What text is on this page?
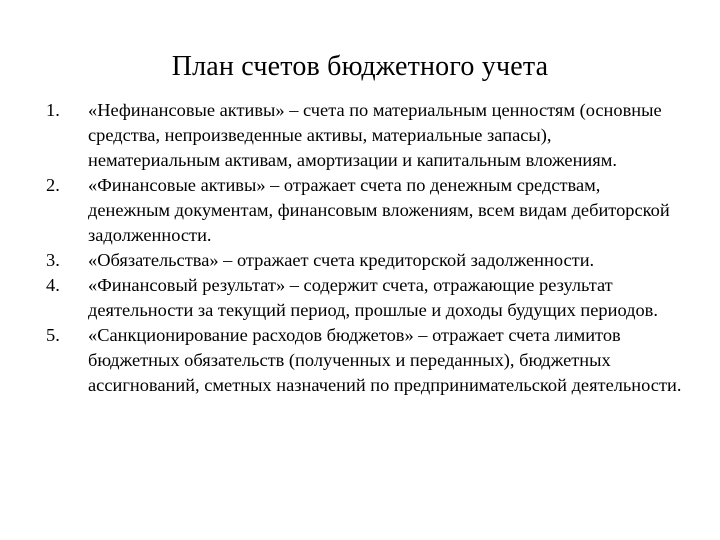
План счетов бюджетного учета
1.	«Нефинансовые активы» – счета по материальным ценностям (основные средства, непроизведенные активы, материальные запасы), нематериальным активам, амортизации и капитальным вложениям.
2.	«Финансовые активы» – отражает счета по денежным средствам, денежным документам, финансовым вложениям, всем видам дебиторской задолженности.
3.	«Обязательства» – отражает счета кредиторской задолженности.
4.	«Финансовый результат» – содержит счета, отражающие результат деятельности за текущий период, прошлые и доходы будущих периодов.
5.	«Санкционирование расходов бюджетов» – отражает счета лимитов бюджетных обязательств (полученных и переданных), бюджетных ассигнований, сметных назначений по предпринимательской деятельности.
